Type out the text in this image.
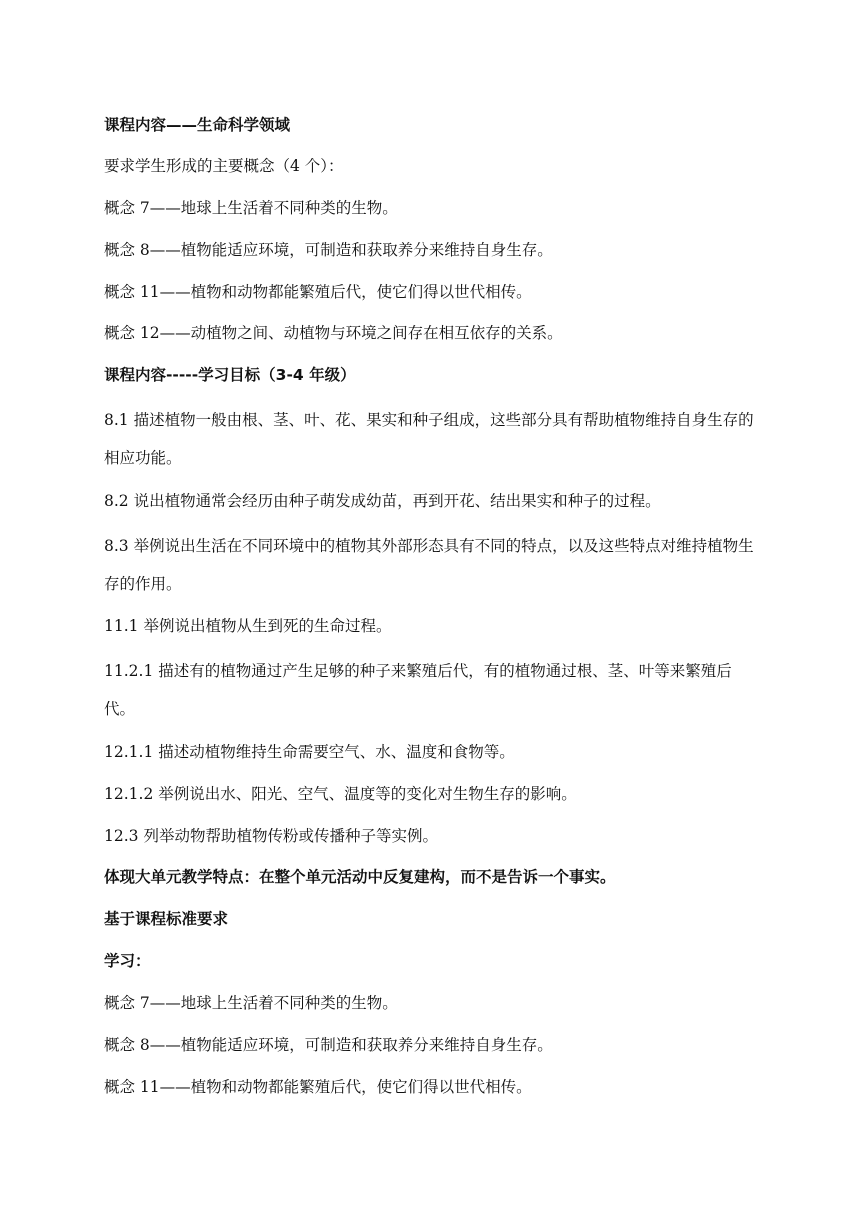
课程内容——生命科学领域
要求学生形成的主要概念（4 个）：
概念 7——地球上生活着不同种类的生物。
概念 8——植物能适应环境，可制造和获取养分来维持自身生存。
概念 11——植物和动物都能繁殖后代，使它们得以世代相传。
概念 12——动植物之间、动植物与环境之间存在相互依存的关系。
课程内容-----学习目标（3-4 年级）
8.1 描述植物一般由根、茎、叶、花、果实和种子组成，这些部分具有帮助植物维持自身生存的相应功能。
8.2 说出植物通常会经历由种子萌发成幼苗，再到开花、结出果实和种子的过程。
8.3 举例说出生活在不同环境中的植物其外部形态具有不同的特点，以及这些特点对维持植物生存的作用。
11.1 举例说出植物从生到死的生命过程。
11.2.1 描述有的植物通过产生足够的种子来繁殖后代，有的植物通过根、茎、叶等来繁殖后代。
12.1.1 描述动植物维持生命需要空气、水、温度和食物等。
12.1.2 举例说出水、阳光、空气、温度等的变化对生物生存的影响。
12.3 列举动物帮助植物传粉或传播种子等实例。
体现大单元教学特点：在整个单元活动中反复建构，而不是告诉一个事实。
基于课程标准要求
学习：
概念 7——地球上生活着不同种类的生物。
概念 8——植物能适应环境，可制造和获取养分来维持自身生存。
概念 11——植物和动物都能繁殖后代，使它们得以世代相传。
